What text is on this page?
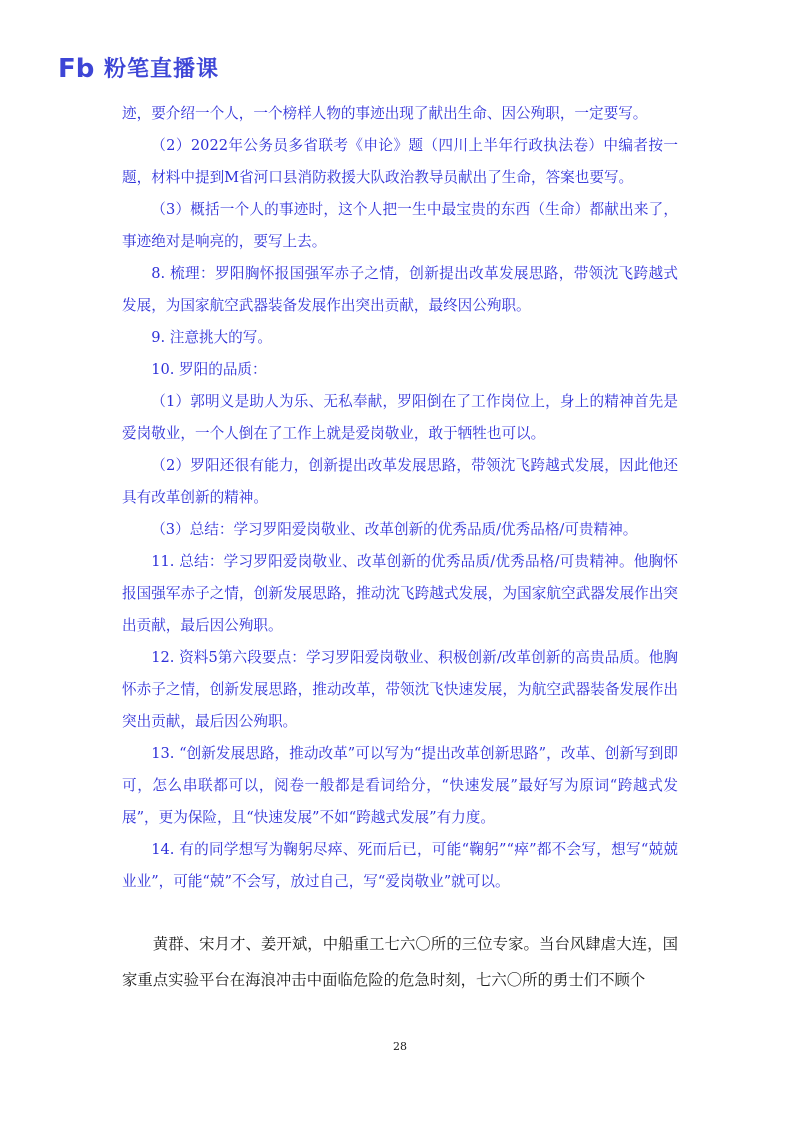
Fb 粉笔直播课

迹，要介绍一个人，一个榜样人物的事迹出现了献出生命、因公殉职，一定要写。

（2）2022年公务员多省联考《申论》题（四川上半年行政执法卷）中编者按一题，材料中提到M省河口县消防救援大队政治教导员献出了生命，答案也要写。

（3）概括一个人的事迹时，这个人把一生中最宝贵的东西（生命）都献出来了，事迹绝对是响亮的，要写上去。

8. 梳理：罗阳胸怀报国强军赤子之情，创新提出改革发展思路，带领沈飞跨越式发展，为国家航空武器装备发展作出突出贡献，最终因公殉职。

9. 注意挑大的写。

10. 罗阳的品质：

（1）郭明义是助人为乐、无私奉献，罗阳倒在了工作岗位上，身上的精神首先是爱岗敬业，一个人倒在了工作上就是爱岗敬业，敢于牺牲也可以。

（2）罗阳还很有能力，创新提出改革发展思路，带领沈飞跨越式发展，因此他还具有改革创新的精神。

（3）总结：学习罗阳爱岗敬业、改革创新的优秀品质/优秀品格/可贵精神。

11. 总结：学习罗阳爱岗敬业、改革创新的优秀品质/优秀品格/可贵精神。他胸怀报国强军赤子之情，创新发展思路，推动沈飞跨越式发展，为国家航空武器发展作出突出贡献，最后因公殉职。

12. 资料5第六段要点：学习罗阳爱岗敬业、积极创新/改革创新的高贵品质。他胸怀赤子之情，创新发展思路，推动改革，带领沈飞快速发展，为航空武器装备发展作出突出贡献，最后因公殉职。

13. “创新发展思路，推动改革”可以写为“提出改革创新思路”，改革、创新写到即可，怎么串联都可以，阅卷一般都是看词给分，“快速发展”最好写为原词“跨越式发展”，更为保险，且“快速发展”不如“跨越式发展”有力度。

14. 有的同学想写为鞠躬尽瘁、死而后已，可能“鞠躬”“瘁”都不会写，想写“兢兢业业”，可能“兢”不会写，放过自己，写“爱岗敬业”就可以。

黄群、宋月才、姜开斌，中船重工七六〇所的三位专家。当台风肆虐大连，国家重点实验平台在海浪冲击中面临危险的危急时刻，七六〇所的勇士们不顾个

28
